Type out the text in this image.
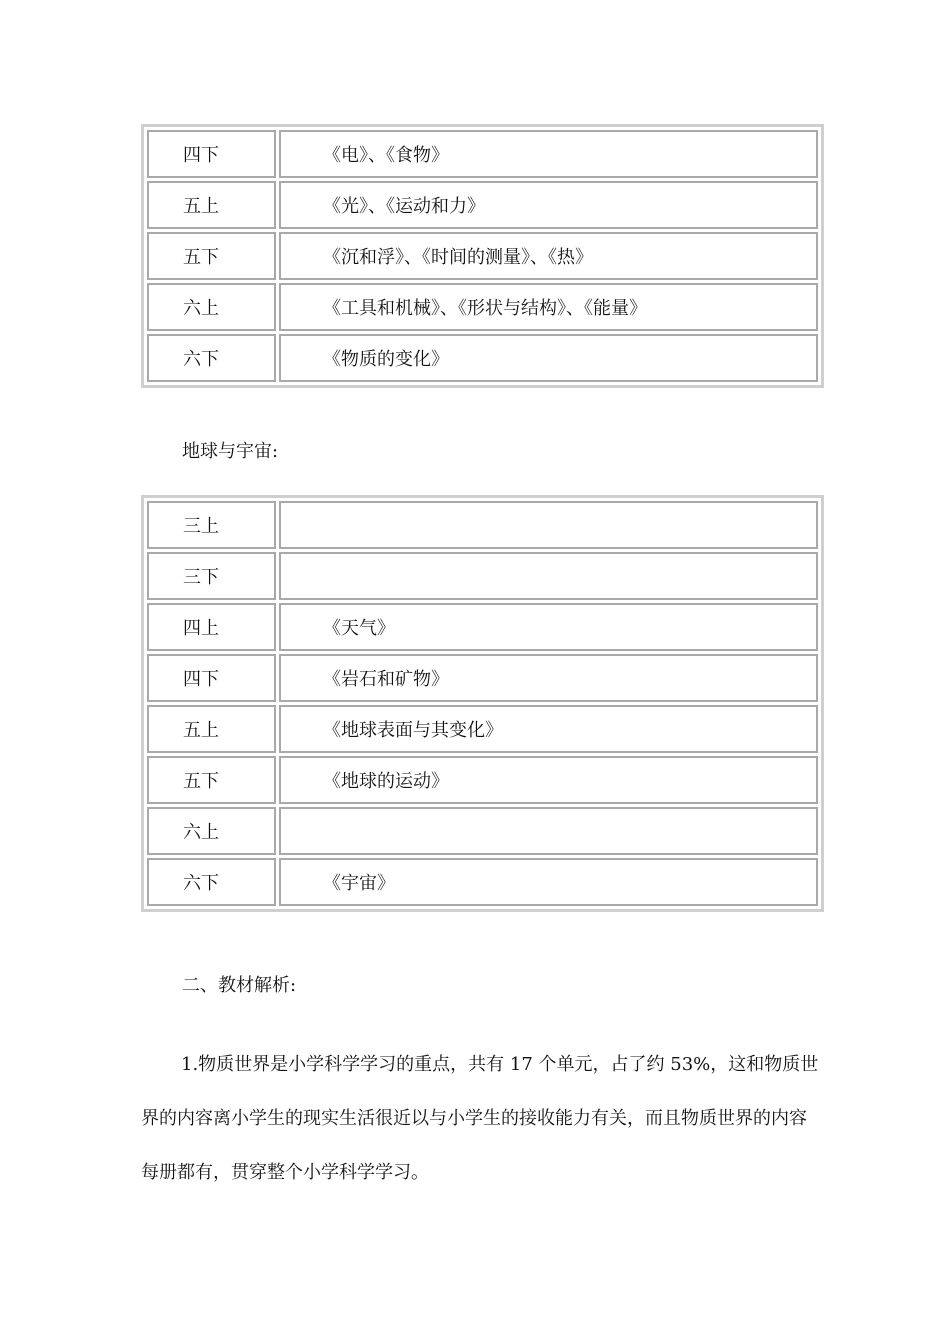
四下	《电》、《食物》
五上	《光》、《运动和力》
五下	《沉和浮》、《时间的测量》、《热》
六上	《工具和机械》、《形状与结构》、《能量》
六下	《物质的变化》

地球与宇宙:

三上	
三下	
四上	《天气》
四下	《岩石和矿物》
五上	《地球表面与其变化》
五下	《地球的运动》
六上	
六下	《宇宙》

二、教材解析:

1.物质世界是小学科学学习的重点，共有 17 个单元，占了约 53%，这和物质世界的内容离小学生的现实生活很近以与小学生的接收能力有关，而且物质世界的内容每册都有，贯穿整个小学科学学习。
